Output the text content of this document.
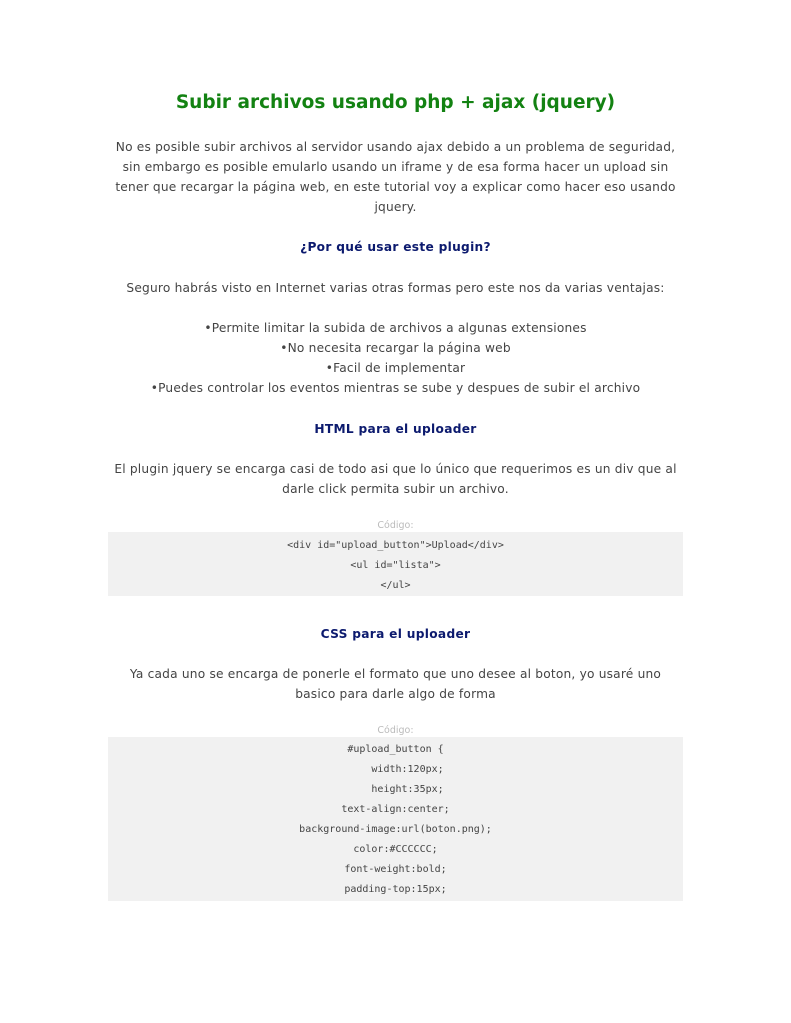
Subir archivos usando php + ajax (jquery)

No es posible subir archivos al servidor usando ajax debido a un problema de seguridad, sin embargo es posible emularlo usando un iframe y de esa forma hacer un upload sin tener que recargar la página web, en este tutorial voy a explicar como hacer eso usando jquery.

¿Por qué usar este plugin?

Seguro habrás visto en Internet varias otras formas pero este nos da varias ventajas:

•Permite limitar la subida de archivos a algunas extensiones
•No necesita recargar la página web
•Facil de implementar
•Puedes controlar los eventos mientras se sube y despues de subir el archivo
HTML para el uploader

El plugin jquery se encarga casi de todo asi que lo único que requerimos es un div que al darle click permita subir un archivo.

Código:
<div id="upload_button">Upload</div>
<ul id="lista">
</ul>
CSS para el uploader

Ya cada uno se encarga de ponerle el formato que uno desee al boton, yo usaré uno basico para darle algo de forma

Código:
#upload_button {
width:120px;
height:35px;
text-align:center;
background-image:url(boton.png);
color:#CCCCCC;
font-weight:bold;
padding-top:15px;
